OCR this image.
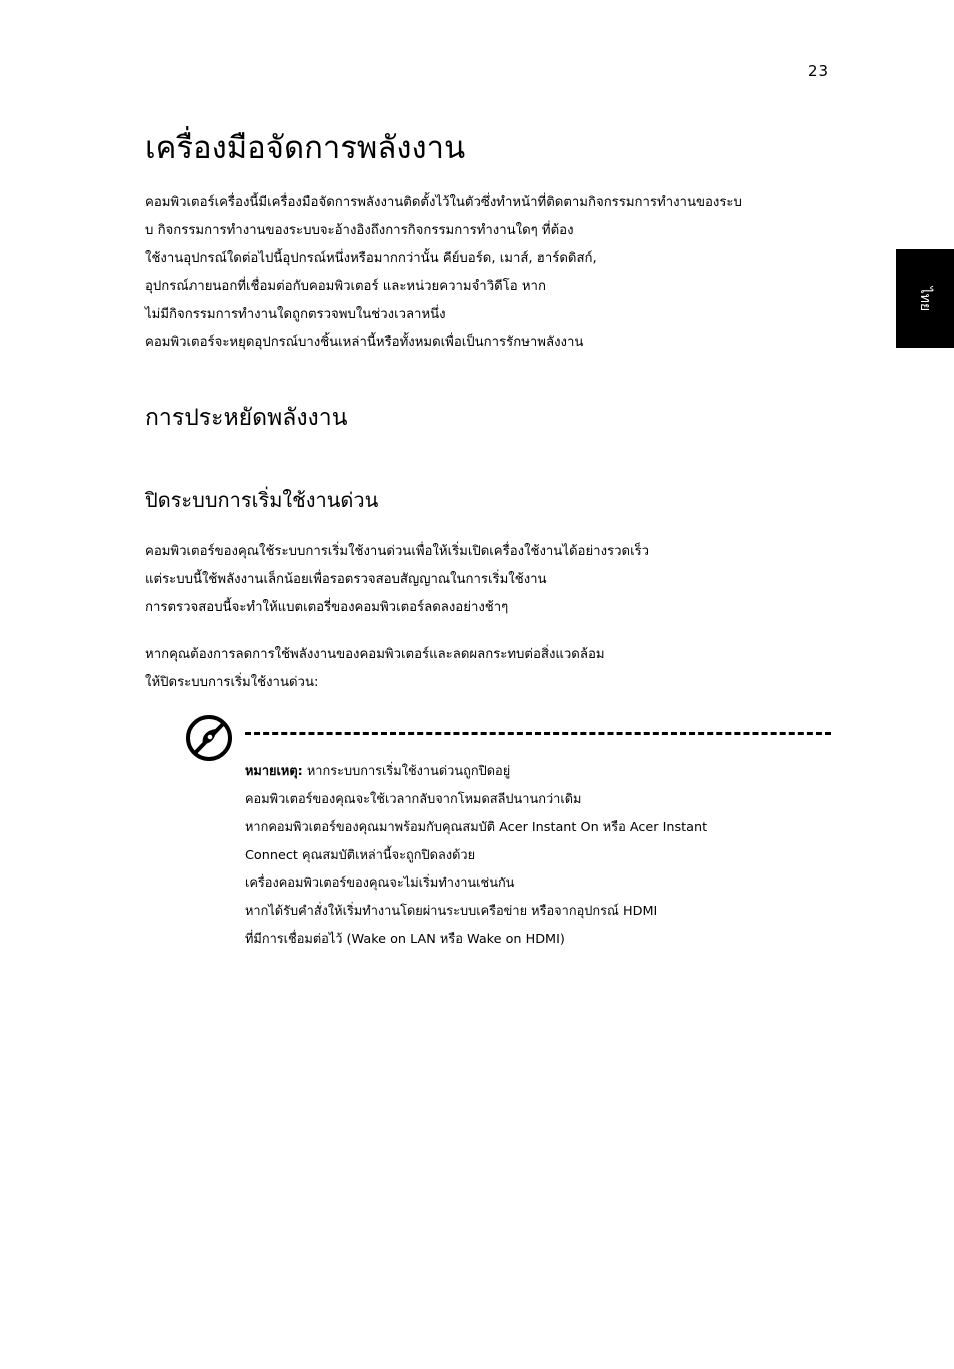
23
ไทย
เครื่องมือจัดการพลังงาน
คอมพิวเตอร์เครื่องนี้มีเครื่องมือจัดการพลังงานติดตั้งไว้ในตัวซึ่งทำหน้าที่ติดตามกิจกรรมการทำงานของระบ
บ กิจกรรมการทำงานของระบบจะอ้างอิงถึงการกิจกรรมการทำงานใดๆ ที่ต้อง
ใช้งานอุปกรณ์ใดต่อไปนี้อุปกรณ์หนึ่งหรือมากกว่านั้น คีย์บอร์ด, เมาส์, ฮาร์ดดิสก์,
อุปกรณ์ภายนอกที่เชื่อมต่อกับคอมพิวเตอร์ และหน่วยความจำวิดีโอ หาก
ไม่มีกิจกรรมการทำงานใดถูกตรวจพบในช่วงเวลาหนึ่ง
คอมพิวเตอร์จะหยุดอุปกรณ์บางชิ้นเหล่านี้หรือทั้งหมดเพื่อเป็นการรักษาพลังงาน
การประหยัดพลังงาน
ปิดระบบการเริ่มใช้งานด่วน
คอมพิวเตอร์ของคุณใช้ระบบการเริ่มใช้งานด่วนเพื่อให้เริ่มเปิดเครื่องใช้งานได้อย่างรวดเร็ว
แต่ระบบนี้ใช้พลังงานเล็กน้อยเพื่อรอตรวจสอบสัญญาณในการเริ่มใช้งาน
การตรวจสอบนี้จะทำให้แบตเตอรี่ของคอมพิวเตอร์ลดลงอย่างช้าๆ
หากคุณต้องการลดการใช้พลังงานของคอมพิวเตอร์และลดผลกระทบต่อสิ่งแวดล้อม
ให้ปิดระบบการเริ่มใช้งานด่วน:
หมายเหตุ: หากระบบการเริ่มใช้งานด่วนถูกปิดอยู่
คอมพิวเตอร์ของคุณจะใช้เวลากลับจากโหมดสลีปนานกว่าเดิม
หากคอมพิวเตอร์ของคุณมาพร้อมกับคุณสมบัติ Acer Instant On หรือ Acer Instant
Connect คุณสมบัติเหล่านี้จะถูกปิดลงด้วย
เครื่องคอมพิวเตอร์ของคุณจะไม่เริ่มทำงานเช่นกัน
หากได้รับคำสั่งให้เริ่มทำงานโดยผ่านระบบเครือข่าย หรือจากอุปกรณ์ HDMI
ที่มีการเชื่อมต่อไว้ (Wake on LAN หรือ Wake on HDMI)
